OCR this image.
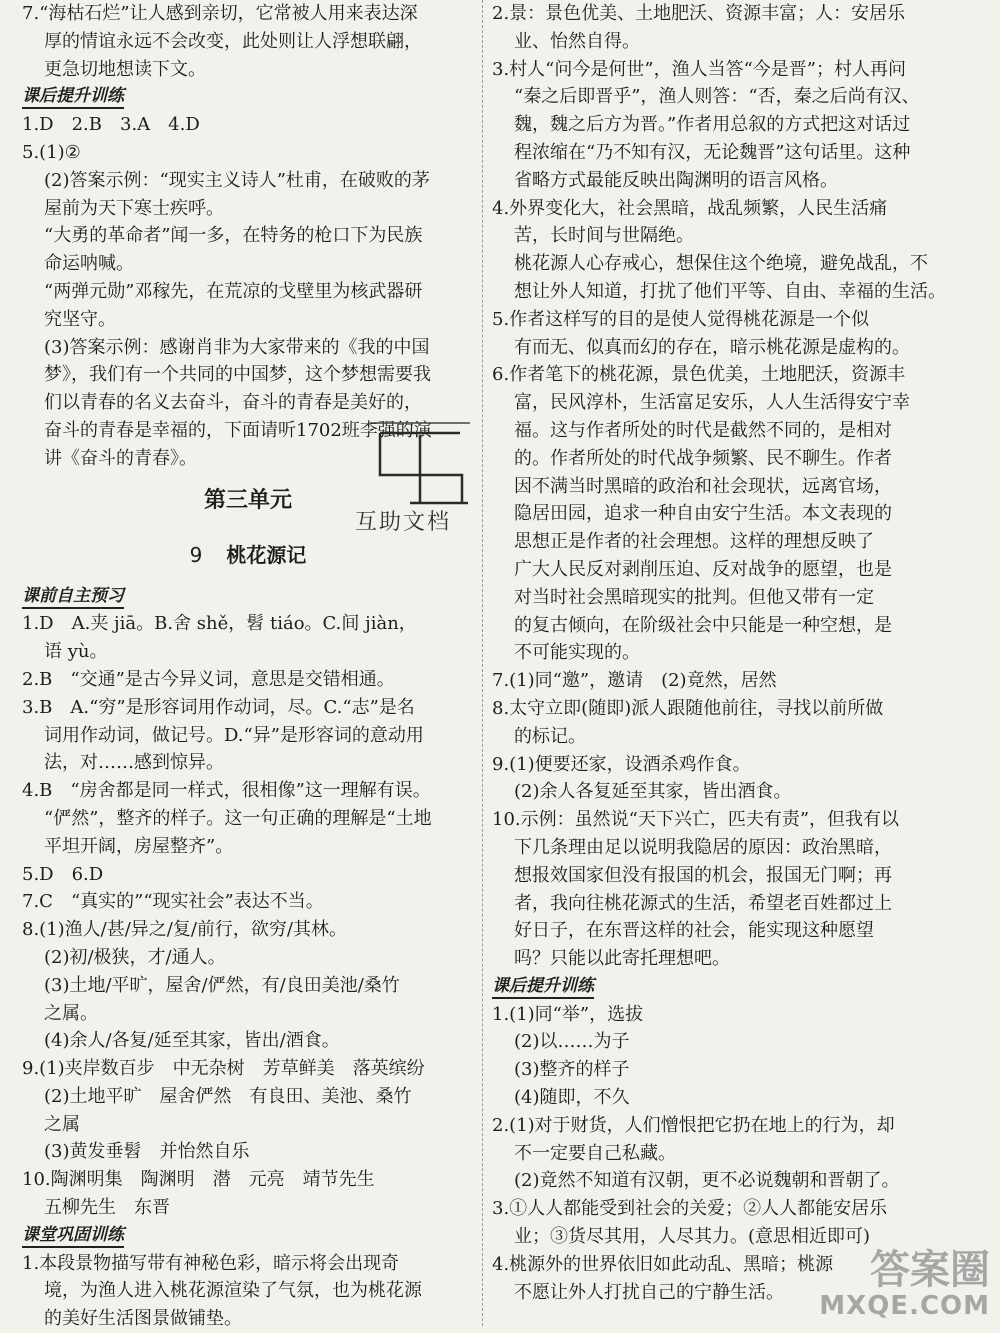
7.“海枯石烂”让人感到亲切，它常被人用来表达深
厚的情谊永远不会改变，此处则让人浮想联翩，
更急切地想读下文。
课后提升训练
1.D　2.B　3.A　4.D
5.(1)②
(2)答案示例：“现实主义诗人”杜甫，在破败的茅
屋前为天下寒士疾呼。
“大勇的革命者”闻一多，在特务的枪口下为民族
命运呐喊。
“两弹元勋”邓稼先，在荒凉的戈壁里为核武器研
究坚守。
(3)答案示例：感谢肖非为大家带来的《我的中国
梦》，我们有一个共同的中国梦，这个梦想需要我
们以青春的名义去奋斗，奋斗的青春是美好的，
奋斗的青春是幸福的，下面请听1702班李强的演
讲《奋斗的青春》。
第三单元
9 桃花源记
课前自主预习
1.D　A.夹 jiā。B.舍 shě，髫 tiáo。C.间 jiàn，
语 yù。
2.B　“交通”是古今异义词，意思是交错相通。
3.B　A.“穷”是形容词用作动词，尽。C.“志”是名
词用作动词，做记号。D.“异”是形容词的意动用
法，对……感到惊异。
4.B　“房舍都是同一样式，很相像”这一理解有误。
“俨然”，整齐的样子。这一句正确的理解是“土地
平坦开阔，房屋整齐”。
5.D　6.D
7.C　“真实的”“现实社会”表达不当。
8.(1)渔人/甚/异之/复/前行，欲穷/其林。
(2)初/极狭，才/通人。
(3)土地/平旷，屋舍/俨然，有/良田美池/桑竹
之属。
(4)余人/各复/延至其家，皆出/酒食。
9.(1)夹岸数百步　中无杂树　芳草鲜美　落英缤纷
(2)土地平旷　屋舍俨然　有良田、美池、桑竹
之属
(3)黄发垂髫　并怡然自乐
10.陶渊明集　陶渊明　潜　元亮　靖节先生
五柳先生　东晋
课堂巩固训练
1.本段景物描写带有神秘色彩，暗示将会出现奇
境，为渔人进入桃花源渲染了气氛，也为桃花源
的美好生活图景做铺垫。
2.景：景色优美、土地肥沃、资源丰富；人：安居乐
业、怡然自得。
3.村人“问今是何世”，渔人当答“今是晋”；村人再问
“秦之后即晋乎”，渔人则答：“否，秦之后尚有汉、
魏，魏之后方为晋。”作者用总叙的方式把这对话过
程浓缩在“乃不知有汉，无论魏晋”这句话里。这种
省略方式最能反映出陶渊明的语言风格。
4.外界变化大，社会黑暗，战乱频繁，人民生活痛
苦，长时间与世隔绝。
桃花源人心存戒心，想保住这个绝境，避免战乱，不
想让外人知道，打扰了他们平等、自由、幸福的生活。
5.作者这样写的目的是使人觉得桃花源是一个似
有而无、似真而幻的存在，暗示桃花源是虚构的。
6.作者笔下的桃花源，景色优美，土地肥沃，资源丰
富，民风淳朴，生活富足安乐，人人生活得安宁幸
福。这与作者所处的时代是截然不同的，是相对
的。作者所处的时代战争频繁、民不聊生。作者
因不满当时黑暗的政治和社会现状，远离官场，
隐居田园，追求一种自由安宁生活。本文表现的
思想正是作者的社会理想。这样的理想反映了
广大人民反对剥削压迫、反对战争的愿望，也是
对当时社会黑暗现实的批判。但他又带有一定
的复古倾向，在阶级社会中只能是一种空想，是
不可能实现的。
7.(1)同“邀”，邀请　(2)竟然，居然
8.太守立即(随即)派人跟随他前往，寻找以前所做
的标记。
9.(1)便要还家，设酒杀鸡作食。
(2)余人各复延至其家，皆出酒食。
10.示例：虽然说“天下兴亡，匹夫有责”，但我有以
下几条理由足以说明我隐居的原因：政治黑暗，
想报效国家但没有报国的机会，报国无门啊；再
者，我向往桃花源式的生活，希望老百姓都过上
好日子，在东晋这样的社会，能实现这种愿望
吗？只能以此寄托理想吧。
课后提升训练
1.(1)同“举”，选拔
(2)以……为子
(3)整齐的样子
(4)随即，不久
2.(1)对于财货，人们憎恨把它扔在地上的行为，却
不一定要自己私藏。
(2)竟然不知道有汉朝，更不必说魏朝和晋朝了。
3.①人人都能受到社会的关爱；②人人都能安居乐
业；③货尽其用，人尽其力。(意思相近即可)
4.桃源外的世界依旧如此动乱、黑暗；桃源
不愿让外人打扰自己的宁静生活。
互助文档
答案圈
MXQE.COM
